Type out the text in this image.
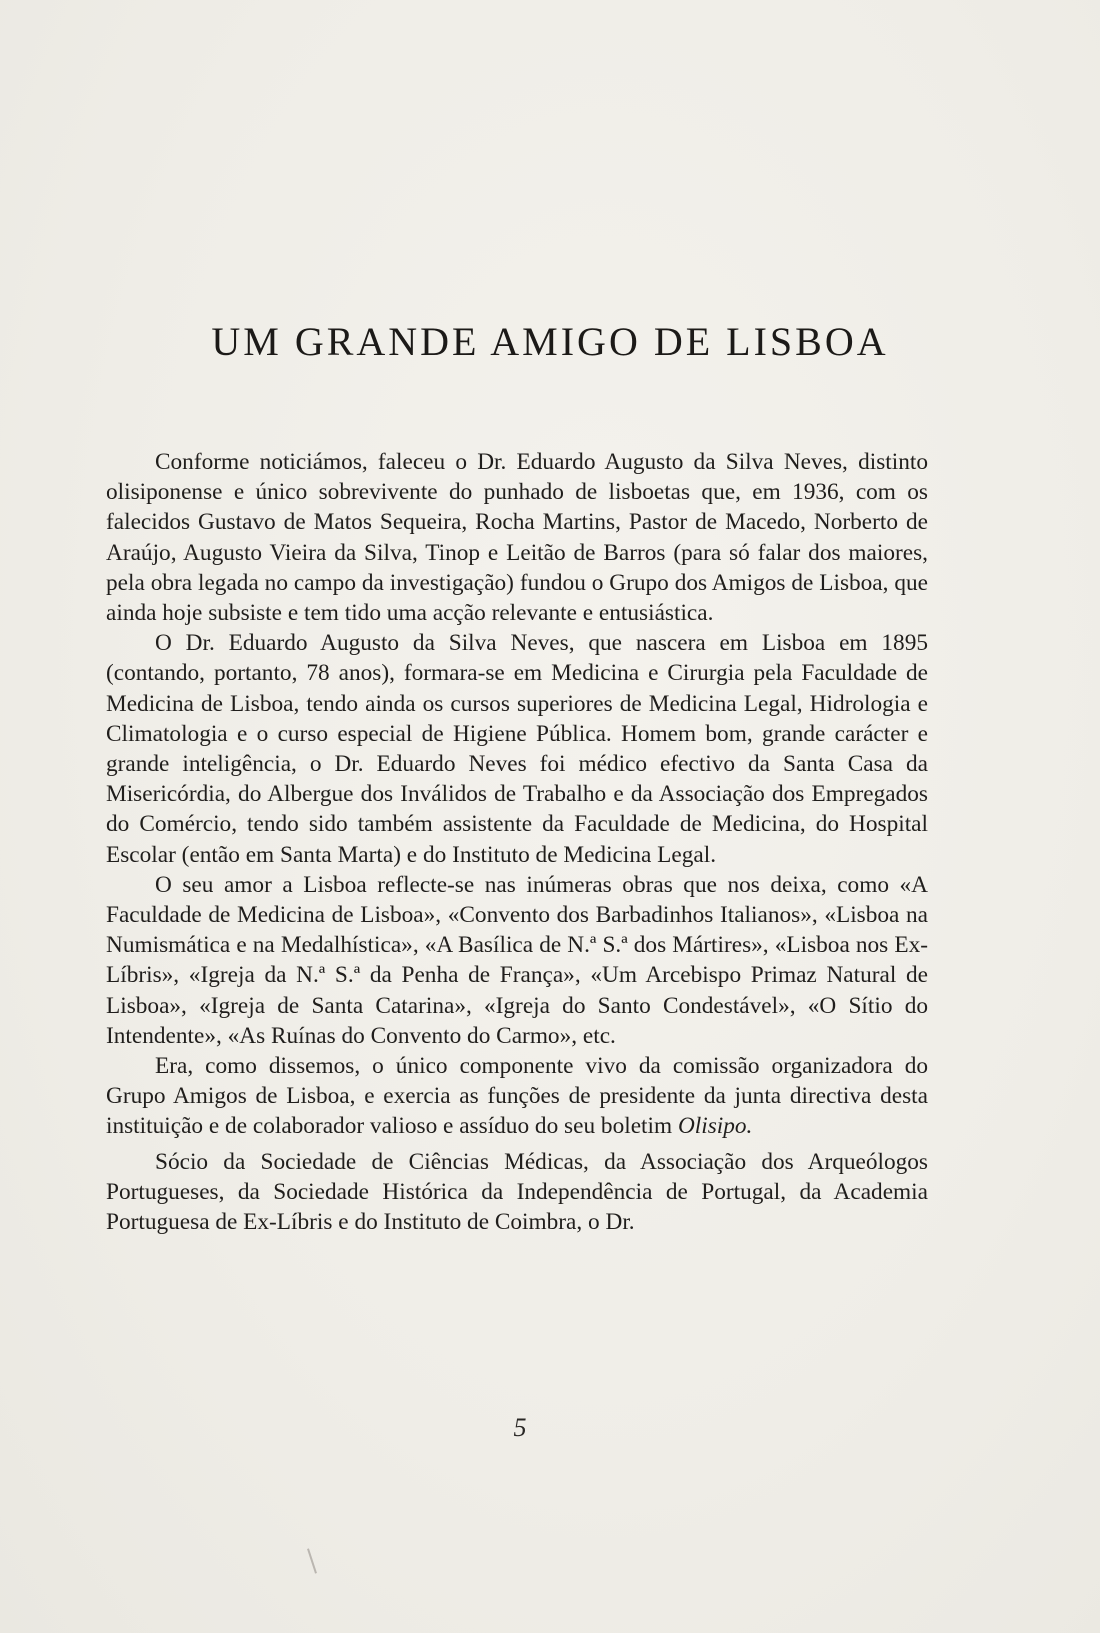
UM GRANDE AMIGO DE LISBOA

Conforme noticiámos, faleceu o Dr. Eduardo Augusto da Silva Neves, distinto olisiponense e único sobrevivente do punhado de lisboetas que, em 1936, com os falecidos Gustavo de Matos Sequeira, Rocha Martins, Pastor de Macedo, Norberto de Araújo, Augusto Vieira da Silva, Tinop e Leitão de Barros (para só falar dos maiores, pela obra legada no campo da investigação) fundou o Grupo dos Amigos de Lisboa, que ainda hoje subsiste e tem tido uma acção relevante e entusiástica.

O Dr. Eduardo Augusto da Silva Neves, que nascera em Lisboa em 1895 (contando, portanto, 78 anos), formara-se em Medicina e Cirurgia pela Faculdade de Medicina de Lisboa, tendo ainda os cursos superiores de Medicina Legal, Hidrologia e Climatologia e o curso especial de Higiene Pública. Homem bom, grande carácter e grande inteligência, o Dr. Eduardo Neves foi médico efectivo da Santa Casa da Misericórdia, do Albergue dos Inválidos de Trabalho e da Associação dos Empregados do Comércio, tendo sido também assistente da Faculdade de Medicina, do Hospital Escolar (então em Santa Marta) e do Instituto de Medicina Legal.

O seu amor a Lisboa reflecte-se nas inúmeras obras que nos deixa, como «A Faculdade de Medicina de Lisboa», «Convento dos Barbadinhos Italianos», «Lisboa na Numismática e na Medalhística», «A Basílica de N.ª S.ª dos Mártires», «Lisboa nos Ex-Líbris», «Igreja da N.ª S.ª da Penha de França», «Um Arcebispo Primaz Natural de Lisboa», «Igreja de Santa Catarina», «Igreja do Santo Condestável», «O Sítio do Intendente», «As Ruínas do Convento do Carmo», etc.

Era, como dissemos, o único componente vivo da comissão organizadora do Grupo Amigos de Lisboa, e exercia as funções de presidente da junta directiva desta instituição e de colaborador valioso e assíduo do seu boletim Olisipo.

Sócio da Sociedade de Ciências Médicas, da Associação dos Arqueólogos Portugueses, da Sociedade Histórica da Independência de Portugal, da Academia Portuguesa de Ex-Líbris e do Instituto de Coimbra, o Dr.

5
